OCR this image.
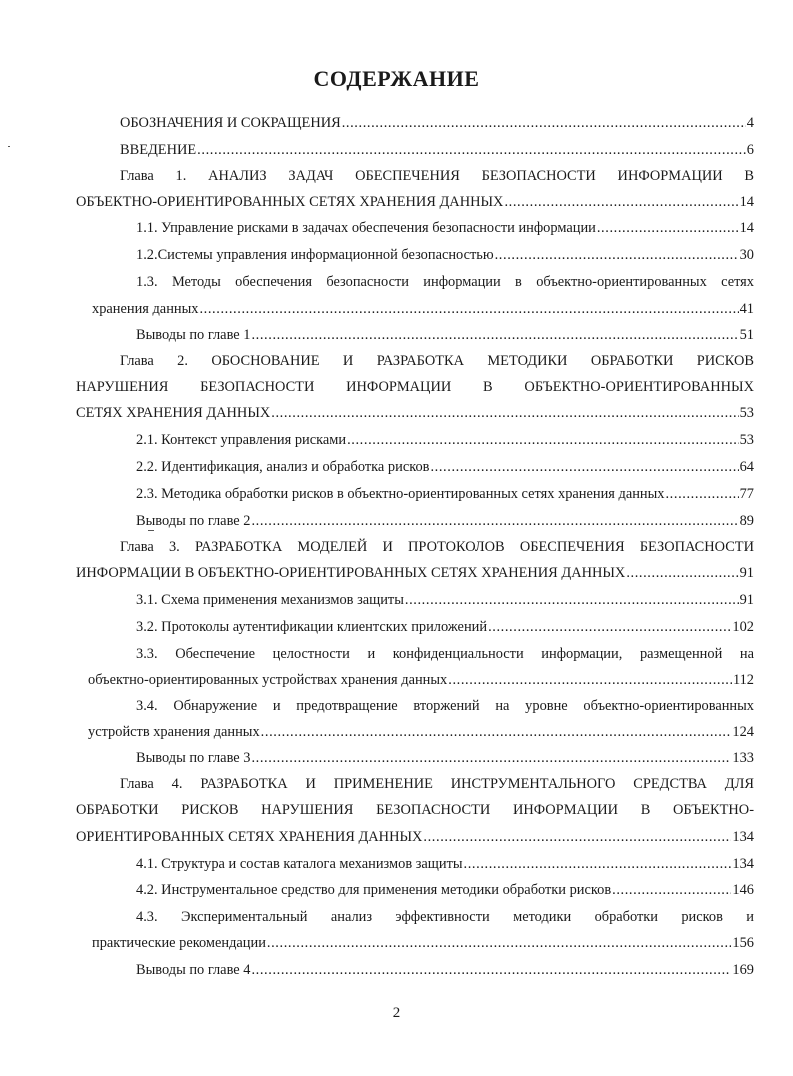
СОДЕРЖАНИЕ
ОБОЗНАЧЕНИЯ И СОКРАЩЕНИЯ .....	4
ВВЕДЕНИЕ .....	6
Глава 1. АНАЛИЗ ЗАДАЧ ОБЕСПЕЧЕНИЯ БЕЗОПАСНОСТИ ИНФОРМАЦИИ В
ОБЪЕКТНО-ОРИЕНТИРОВАННЫХ СЕТЯХ ХРАНЕНИЯ ДАННЫХ .....	14
1.1. Управление рисками в задачах обеспечения безопасности информации .....	14
1.2.Системы управления информационной безопасностью .....	30
1.3. Методы обеспечения безопасности информации в объектно-ориентированных сетях
хранения данных .....	41
Выводы по главе 1 .....	51
Глава 2. ОБОСНОВАНИЕ И РАЗРАБОТКА МЕТОДИКИ ОБРАБОТКИ РИСКОВ
НАРУШЕНИЯ БЕЗОПАСНОСТИ ИНФОРМАЦИИ В ОБЪЕКТНО-ОРИЕНТИРОВАННЫХ
СЕТЯХ ХРАНЕНИЯ ДАННЫХ .....	53
2.1. Контекст управления рисками .....	53
2.2. Идентификация, анализ и обработка рисков .....	64
2.3. Методика обработки рисков в объектно-ориентированных сетях хранения данных .....	77
Выводы по главе 2 .....	89
Глава 3. РАЗРАБОТКА МОДЕЛЕЙ И ПРОТОКОЛОВ ОБЕСПЕЧЕНИЯ БЕЗОПАСНОСТИ
ИНФОРМАЦИИ В ОБЪЕКТНО-ОРИЕНТИРОВАННЫХ СЕТЯХ ХРАНЕНИЯ ДАННЫХ .....	91
3.1. Схема применения механизмов защиты .....	91
3.2. Протоколы аутентификации клиентских приложений .....	102
3.3. Обеспечение целостности и конфиденциальности информации, размещенной на
объектно-ориентированных устройствах хранения данных .....	112
3.4. Обнаружение и предотвращение вторжений на уровне объектно-ориентированных
устройств хранения данных .....	124
Выводы по главе 3 .....	133
Глава 4. РАЗРАБОТКА И ПРИМЕНЕНИЕ ИНСТРУМЕНТАЛЬНОГО СРЕДСТВА ДЛЯ
ОБРАБОТКИ РИСКОВ НАРУШЕНИЯ БЕЗОПАСНОСТИ ИНФОРМАЦИИ В ОБЪЕКТНО-
ОРИЕНТИРОВАННЫХ СЕТЯХ ХРАНЕНИЯ ДАННЫХ .....	134
4.1. Структура и состав каталога механизмов защиты .....	134
4.2. Инструментальное средство для применения методики обработки рисков .....	146
4.3. Экспериментальный анализ эффективности методики обработки рисков и
практические рекомендации .....	156
Выводы по главе 4 .....	169
2
